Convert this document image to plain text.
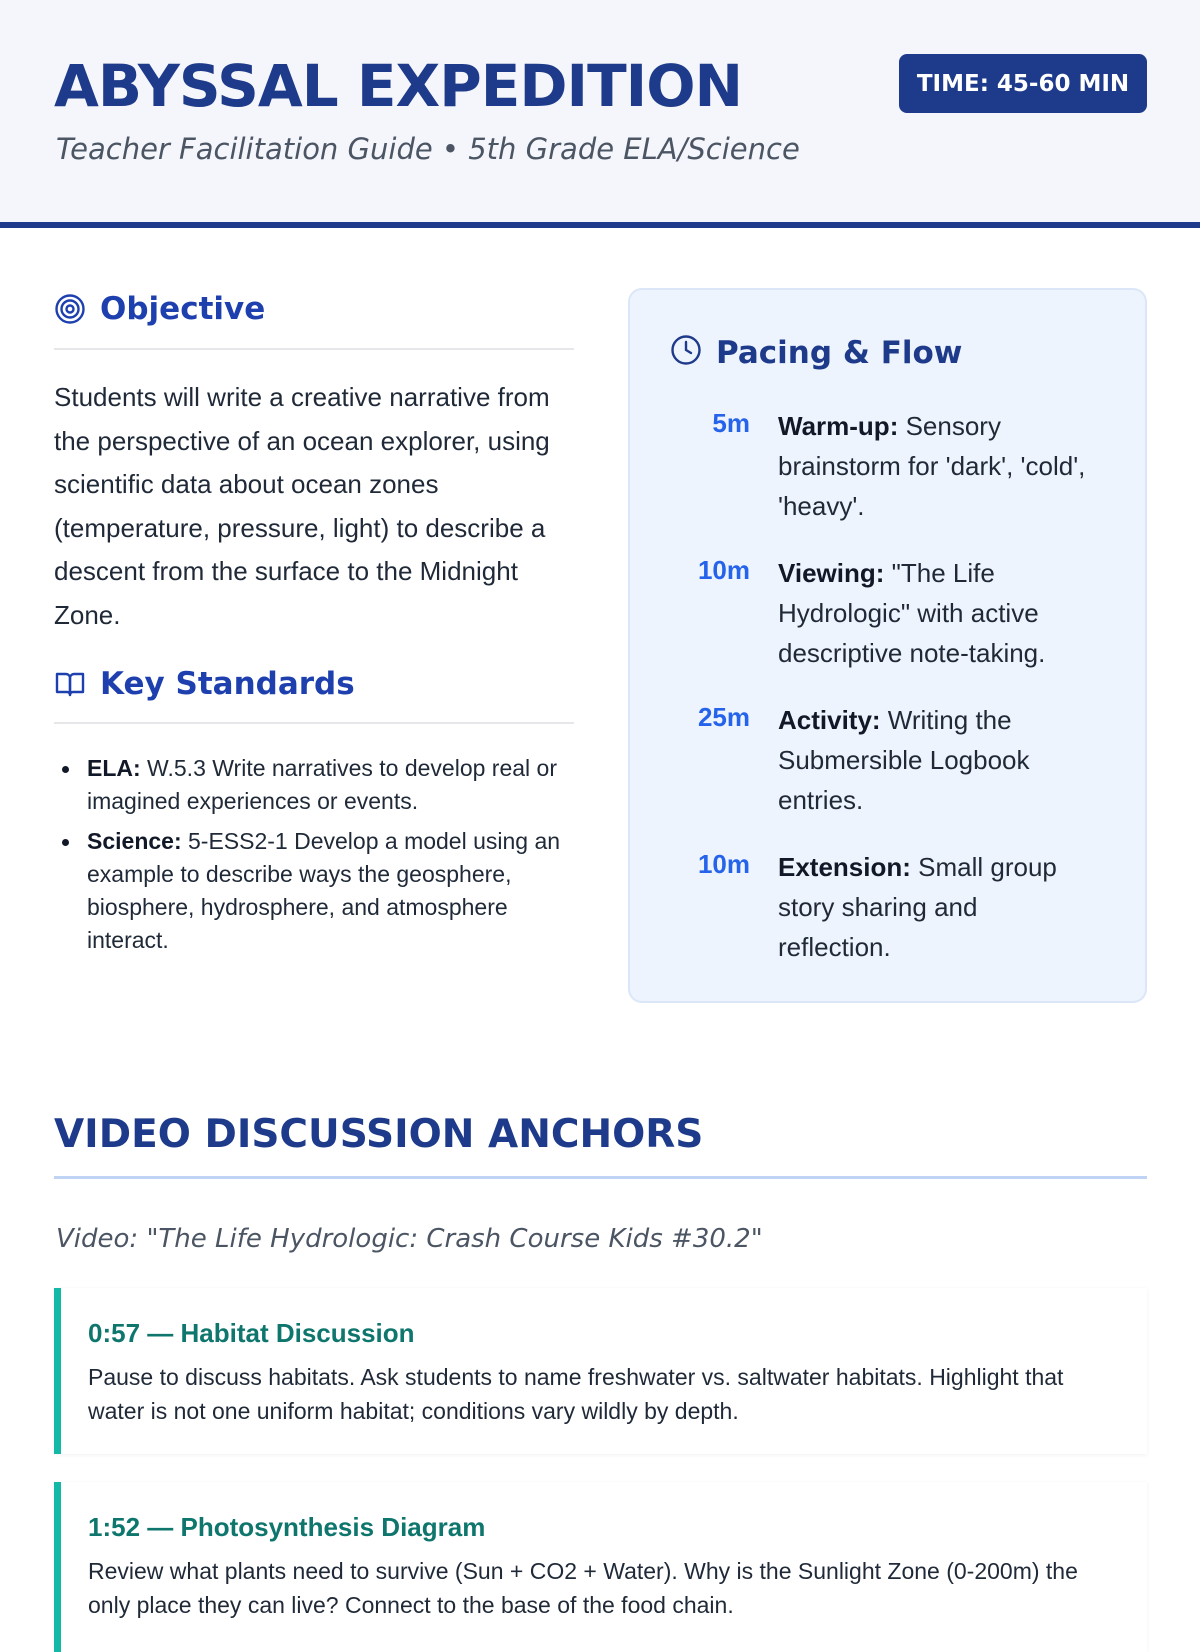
ABYSSAL EXPEDITION
Teacher Facilitation Guide • 5th Grade ELA/Science
TIME: 45-60 MIN
Objective

Students will write a creative narrative from the perspective of an ocean explorer, using scientific data about ocean zones (temperature, pressure, light) to describe a descent from the surface to the Midnight Zone.

Key Standards
ELA: W.5.3 Write narratives to develop real or imagined experiences or events.
Science: 5-ESS2-1 Develop a model using an example to describe ways the geosphere, biosphere, hydrosphere, and atmosphere interact.
Pacing & Flow
5m Warm-up: Sensory brainstorm for 'dark', 'cold', 'heavy'.
10m Viewing: "The Life Hydrologic" with active descriptive note-taking.
25m Activity: Writing the Submersible Logbook entries.
10m Extension: Small group story sharing and reflection.
VIDEO DISCUSSION ANCHORS
Video: "The Life Hydrologic: Crash Course Kids #30.2"
0:57 — Habitat Discussion
Pause to discuss habitats. Ask students to name freshwater vs. saltwater habitats. Highlight that water is not one uniform habitat; conditions vary wildly by depth.
1:52 — Photosynthesis Diagram
Review what plants need to survive (Sun + CO2 + Water). Why is the Sunlight Zone (0-200m) the only place they can live? Connect to the base of the food chain.
